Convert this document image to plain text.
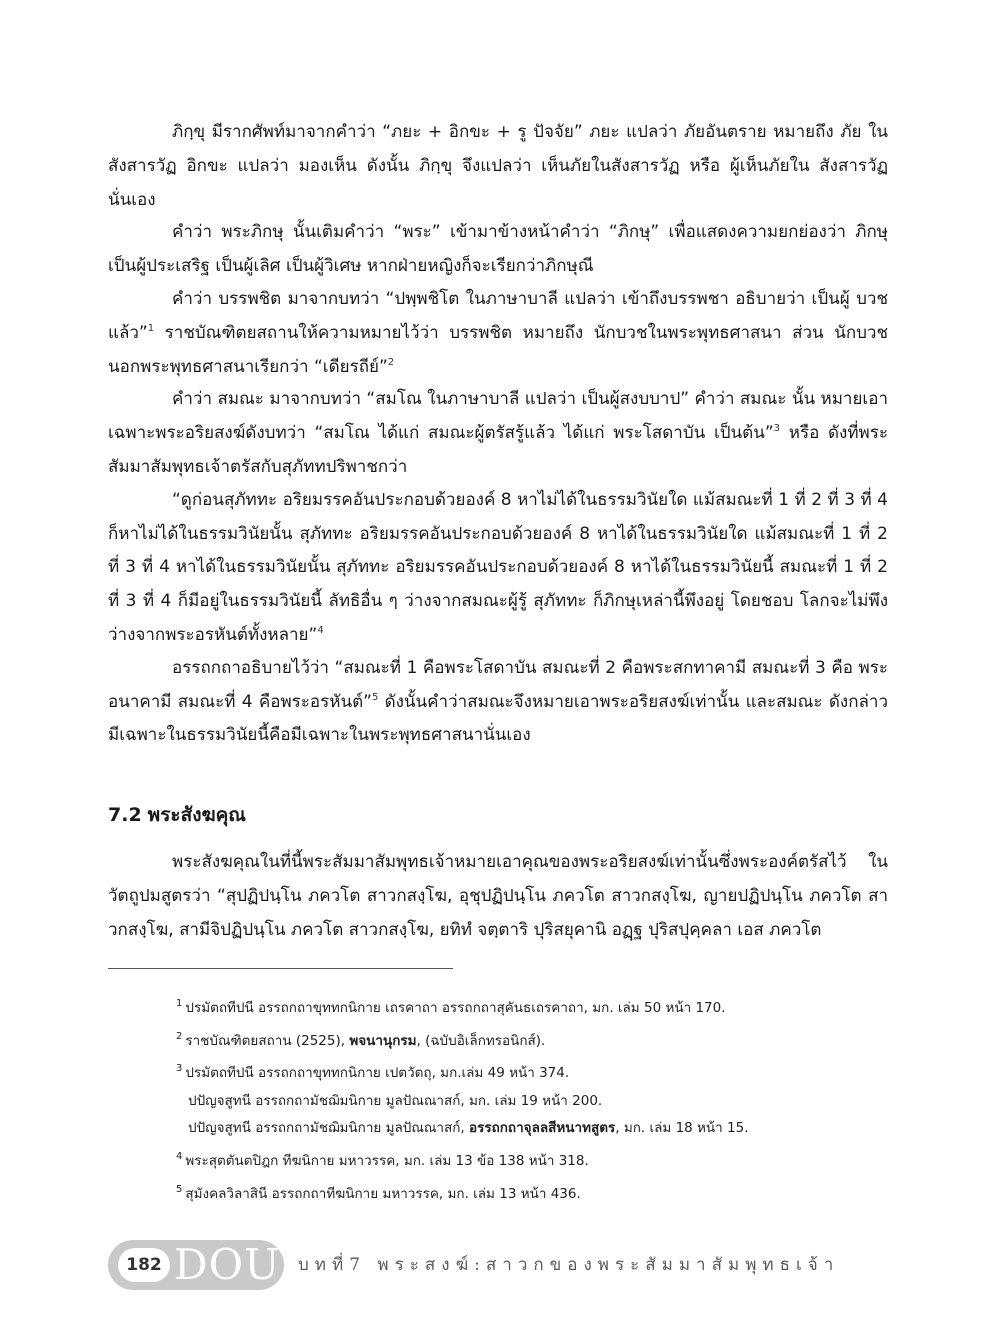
ภิกฺขุ มีรากศัพท์มาจากคำว่า “ภยะ + อิกขะ + รู ปัจจัย” ภยะ แปลว่า ภัยอันตราย หมายถึง ภัย ในสังสารวัฏ อิกขะ แปลว่า มองเห็น ดังนั้น ภิกฺขุ จึงแปลว่า เห็นภัยในสังสารวัฏ หรือ ผู้เห็นภัยใน สังสารวัฏนั่นเอง

คำว่า พระภิกษุ นั้นเติมคำว่า “พระ” เข้ามาข้างหน้าคำว่า “ภิกษุ” เพื่อแสดงความยกย่องว่า ภิกษุ เป็นผู้ประเสริฐ เป็นผู้เลิศ เป็นผู้วิเศษ หากฝ่ายหญิงก็จะเรียกว่าภิกษุณี

คำว่า บรรพชิต มาจากบทว่า “ปพฺพชิโต ในภาษาบาลี แปลว่า เข้าถึงบรรพชา อธิบายว่า เป็นผู้ บวชแล้ว”$^1$ ราชบัณฑิตยสถานให้ความหมายไว้ว่า บรรพชิต หมายถึง นักบวชในพระพุทธศาสนา ส่วน นักบวชนอกพระพุทธศาสนาเรียกว่า “เดียรถีย์”$^2$

คำว่า สมณะ มาจากบทว่า “สมโณ ในภาษาบาลี แปลว่า เป็นผู้สงบบาป” คำว่า สมณะ นั้น หมายเอาเฉพาะพระอริยสงฆ์ดังบทว่า “สมโณ ได้แก่ สมณะผู้ตรัสรู้แล้ว ได้แก่ พระโสดาบัน เป็นต้น”$^3$ หรือ ดังที่พระสัมมาสัมพุทธเจ้าตรัสกับสุภัททปริพาชกว่า

“ดูก่อนสุภัททะ อริยมรรคอันประกอบด้วยองค์ 8 หาไม่ได้ในธรรมวินัยใด แม้สมณะที่ 1 ที่ 2 ที่ 3 ที่ 4 ก็หาไม่ได้ในธรรมวินัยนั้น สุภัททะ อริยมรรคอันประกอบด้วยองค์ 8 หาได้ในธรรมวินัยใด แม้สมณะที่ 1 ที่ 2 ที่ 3 ที่ 4 หาได้ในธรรมวินัยนั้น สุภัททะ อริยมรรคอันประกอบด้วยองค์ 8 หาได้ในธรรมวินัยนี้ สมณะที่ 1 ที่ 2 ที่ 3 ที่ 4 ก็มีอยู่ในธรรมวินัยนี้ ลัทธิอื่น ๆ ว่างจากสมณะผู้รู้ สุภัททะ ก็ภิกษุเหล่านี้พึงอยู่ โดยชอบ โลกจะไม่พึงว่างจากพระอรหันต์ทั้งหลาย”$^4$

อรรถกถาอธิบายไว้ว่า “สมณะที่ 1 คือพระโสดาบัน สมณะที่ 2 คือพระสกทาคามี สมณะที่ 3 คือ พระอนาคามี สมณะที่ 4 คือพระอรหันต์”$^5$ ดังนั้นคำว่าสมณะจึงหมายเอาพระอริยสงฆ์เท่านั้น และสมณะ ดังกล่าวมีเฉพาะในธรรมวินัยนี้คือมีเฉพาะในพระพุทธศาสนานั่นเอง

7.2 พระสังฆคุณ

พระสังฆคุณในที่นี้พระสัมมาสัมพุทธเจ้าหมายเอาคุณของพระอริยสงฆ์เท่านั้นซึ่งพระองค์ตรัสไว้ ในวัตถูปมสูตรว่า “สุปฏิปนฺโน ภควโต สาวกสงฺโฆ, อุชุปฏิปนฺโน ภควโต สาวกสงฺโฆ, ญายปฏิปนฺโน ภควโต สาวกสงฺโฆ, สามีจิปฏิปนฺโน ภควโต สาวกสงฺโฆ, ยทิทํ จตฺตาริ ปุริสยุคานิ อฏฺฐ ปุริสปุคฺคลา เอส ภควโต

$^1$ ปรมัตถทีปนี อรรถกถาขุททกนิกาย เถรคาถา อรรถกถาสุคันธเถรคาถา, มก. เล่ม 50 หน้า 170.

$^2$ ราชบัณฑิตยสถาน (2525), พจนานุกรม, (ฉบับอิเล็กทรอนิกส์).

$^3$ ปรมัตถทีปนี อรรถกถาขุททกนิกาย เปตวัตถุ, มก.เล่ม 49 หน้า 374.

ปปัญจสูทนี อรรถกถามัชฌิมนิกาย มูลปัณณาสก์, มก. เล่ม 19 หน้า 200.

ปปัญจสูทนี อรรถกถามัชฌิมนิกาย มูลปัณณาสก์, อรรถกถาจุลลสีหนาทสูตร, มก. เล่ม 18 หน้า 15.

$^4$ พระสุตตันตปิฎก ทีฆนิกาย มหาวรรค, มก. เล่ม 13 ข้อ 138 หน้า 318.

$^5$ สุมังคลวิลาสินี อรรถกถาทีฆนิกาย มหาวรรค, มก. เล่ม 13 หน้า 436.

182 DOU บทที่7 พระสงฆ์:สาวกของพระสัมมาสัมพุทธเจ้า
